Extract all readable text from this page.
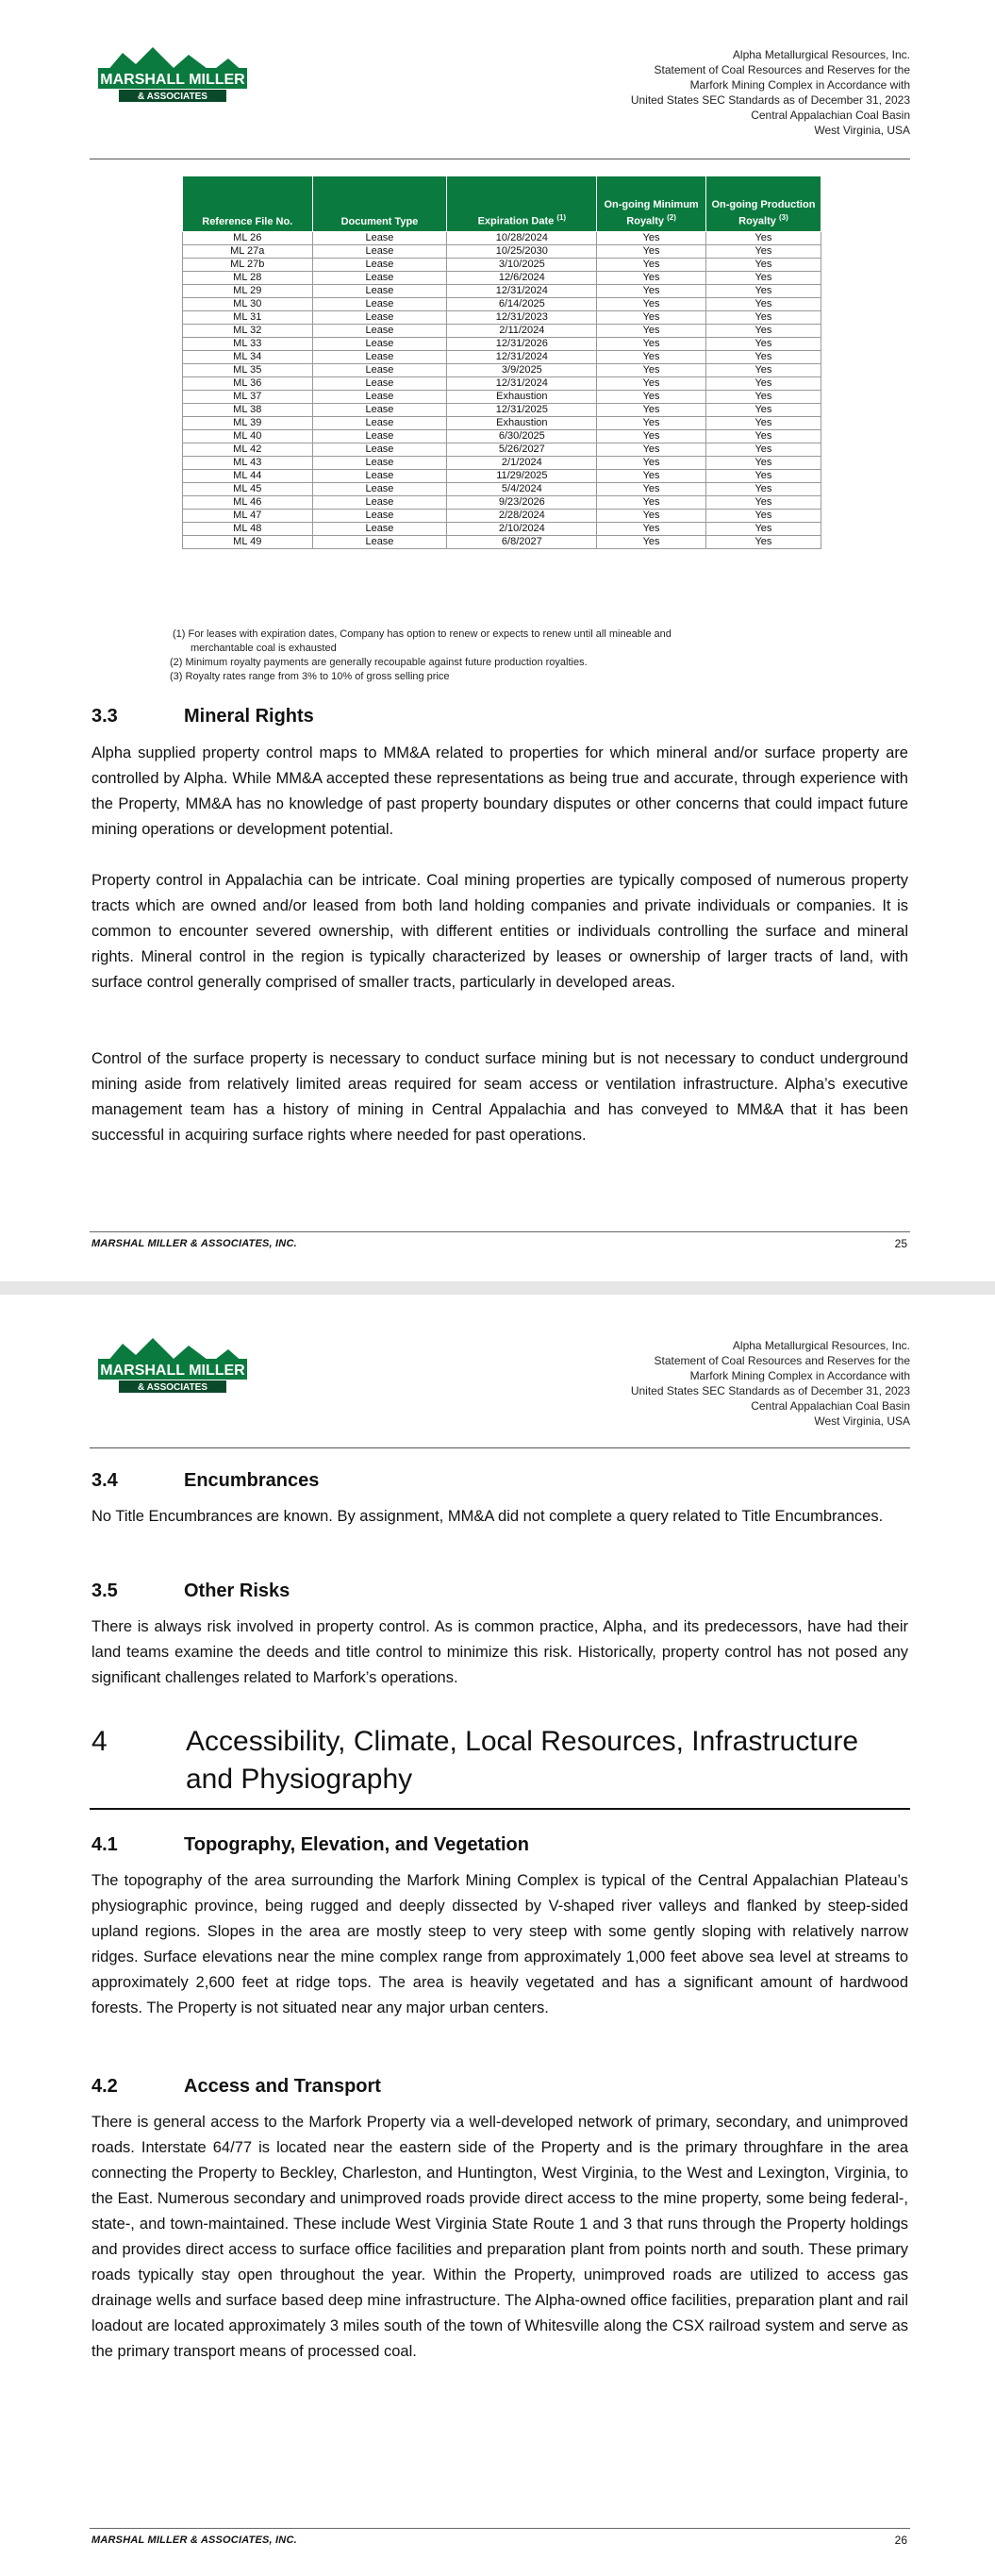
MARSHALL MILLER
& ASSOCIATES
Alpha Metallurgical Resources, Inc.
Statement of Coal Resources and Reserves for the
Marfork Mining Complex in Accordance with
United States SEC Standards as of December 31, 2023
Central Appalachian Coal Basin
West Virginia, USA
Reference File No.	Document Type	Expiration Date $^{(1)}$	On-going Minimum Royalty $^{(2)}$	On-going Production Royalty $^{(3)}$
ML 26	Lease	10/28/2024	Yes	Yes
ML 27a	Lease	10/25/2030	Yes	Yes
ML 27b	Lease	3/10/2025	Yes	Yes
ML 28	Lease	12/6/2024	Yes	Yes
ML 29	Lease	12/31/2024	Yes	Yes
ML 30	Lease	6/14/2025	Yes	Yes
ML 31	Lease	12/31/2023	Yes	Yes
ML 32	Lease	2/11/2024	Yes	Yes
ML 33	Lease	12/31/2026	Yes	Yes
ML 34	Lease	12/31/2024	Yes	Yes
ML 35	Lease	3/9/2025	Yes	Yes
ML 36	Lease	12/31/2024	Yes	Yes
ML 37	Lease	Exhaustion	Yes	Yes
ML 38	Lease	12/31/2025	Yes	Yes
ML 39	Lease	Exhaustion	Yes	Yes
ML 40	Lease	6/30/2025	Yes	Yes
ML 42	Lease	5/26/2027	Yes	Yes
ML 43	Lease	2/1/2024	Yes	Yes
ML 44	Lease	11/29/2025	Yes	Yes
ML 45	Lease	5/4/2024	Yes	Yes
ML 46	Lease	9/23/2026	Yes	Yes
ML 47	Lease	2/28/2024	Yes	Yes
ML 48	Lease	2/10/2024	Yes	Yes
ML 49	Lease	6/8/2027	Yes	Yes
(1) For leases with expiration dates, Company has option to renew or expects to renew until all mineable and
merchantable coal is exhausted
(2) Minimum royalty payments are generally recoupable against future production royalties.
(3) Royalty rates range from 3% to 10% of gross selling price
3.3	Mineral Rights
Alpha supplied property control maps to MM&A related to properties for which mineral and/or surface property are controlled by Alpha. While MM&A accepted these representations as being true and accurate, through experience with the Property, MM&A has no knowledge of past property boundary disputes or other concerns that could impact future mining operations or development potential.
Property control in Appalachia can be intricate. Coal mining properties are typically composed of numerous property tracts which are owned and/or leased from both land holding companies and private individuals or companies. It is common to encounter severed ownership, with different entities or individuals controlling the surface and mineral rights. Mineral control in the region is typically characterized by leases or ownership of larger tracts of land, with surface control generally comprised of smaller tracts, particularly in developed areas.
Control of the surface property is necessary to conduct surface mining but is not necessary to conduct underground mining aside from relatively limited areas required for seam access or ventilation infrastructure. Alpha’s executive management team has a history of mining in Central Appalachia and has conveyed to MM&A that it has been successful in acquiring surface rights where needed for past operations.
MARSHAL MILLER & ASSOCIATES, INC.	25
MARSHALL MILLER
& ASSOCIATES
Alpha Metallurgical Resources, Inc.
Statement of Coal Resources and Reserves for the
Marfork Mining Complex in Accordance with
United States SEC Standards as of December 31, 2023
Central Appalachian Coal Basin
West Virginia, USA
3.4	Encumbrances
No Title Encumbrances are known. By assignment, MM&A did not complete a query related to Title Encumbrances.
3.5	Other Risks
There is always risk involved in property control. As is common practice, Alpha, and its predecessors, have had their land teams examine the deeds and title control to minimize this risk. Historically, property control has not posed any significant challenges related to Marfork’s operations.
4	Accessibility, Climate, Local Resources, Infrastructure and Physiography
4.1	Topography, Elevation, and Vegetation
The topography of the area surrounding the Marfork Mining Complex is typical of the Central Appalachian Plateau’s physiographic province, being rugged and deeply dissected by V-shaped river valleys and flanked by steep-sided upland regions. Slopes in the area are mostly steep to very steep with some gently sloping with relatively narrow ridges. Surface elevations near the mine complex range from approximately 1,000 feet above sea level at streams to approximately 2,600 feet at ridge tops. The area is heavily vegetated and has a significant amount of hardwood forests. The Property is not situated near any major urban centers.
4.2	Access and Transport
There is general access to the Marfork Property via a well-developed network of primary, secondary, and unimproved roads. Interstate 64/77 is located near the eastern side of the Property and is the primary throughfare in the area connecting the Property to Beckley, Charleston, and Huntington, West Virginia, to the West and Lexington, Virginia, to the East. Numerous secondary and unimproved roads provide direct access to the mine property, some being federal-, state-, and town-maintained. These include West Virginia State Route 1 and 3 that runs through the Property holdings and provides direct access to surface office facilities and preparation plant from points north and south. These primary roads typically stay open throughout the year. Within the Property, unimproved roads are utilized to access gas drainage wells and surface based deep mine infrastructure. The Alpha-owned office facilities, preparation plant and rail loadout are located approximately 3 miles south of the town of Whitesville along the CSX railroad system and serve as the primary transport means of processed coal.
MARSHAL MILLER & ASSOCIATES, INC.	26
